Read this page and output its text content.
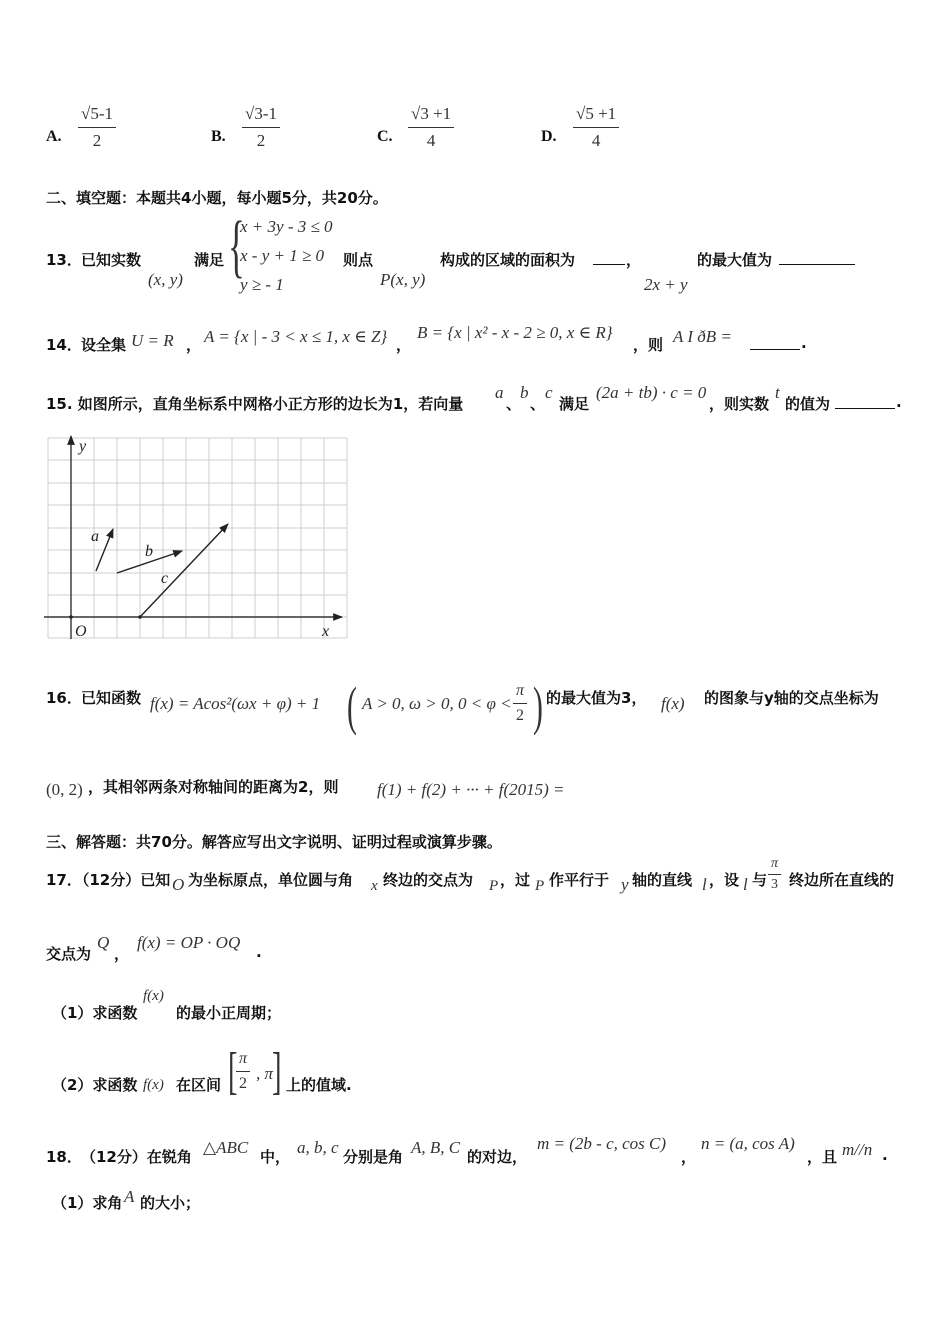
A.
√5-1
2	B.
√3-1
2	C.
√3 +1
4	D.
√5 +1
4
二、填空题：本题共4小题，每小题5分，共20分。
13． 已知实数
(x, y)
满足 {
x + 3y - 3 ≤ 0
x - y + 1 ≥ 0
y ≥ - 1
则点
P(x, y)
构成的区域的面积为	，
2x + y
的最大值为
14． 设全集 U = R ， A = {x | - 3 < x ≤ 1, x ∈ Z} ，
B = {x | x² - x - 2 ≥ 0, x ∈ R}
，则 A I ðB =	.
15. 如图所示，直角坐标系中网格小正方形的边长为1，若向量
a
、
b
、
c
满足
(2a + tb) · c = 0
，则实数
t
的值为	.
y
x
O
a
b
c
16． 已知函数 f(x) = Acos²(ωx + φ) + 1 ( A > 0, ω > 0, 0 < φ <
π
2 ) 的最大值为3， f(x) 的图象与y轴的交点坐标为
(0, 2) ，其相邻两条对称轴间的距离为2，则 f(1) + f(2) + ··· + f(2015) =
三、解答题：共70分。解答应写出文字说明、证明过程或演算步骤。
17．（12分）已知 O 为坐标原点，单位圆与角 x 终边的交点为 P ，过 P 作平行于 y 轴的直线 l ，设 l 与
π
3 终边所在直线的
交点为
Q
，
f(x) = OP · OQ .
（1）求函数
f(x)
的最小正周期；
（2）求函数 f(x) 在区间 [ π
2
, π
] 上的值域.
18． （12分）在锐角 △ABC 中， a, b, c 分别是角 A, B, C 的对边，
m = (2b - c, cos C)
，
n = (a, cos A)
，且 m//n .
（1）求角 A 的大小；
